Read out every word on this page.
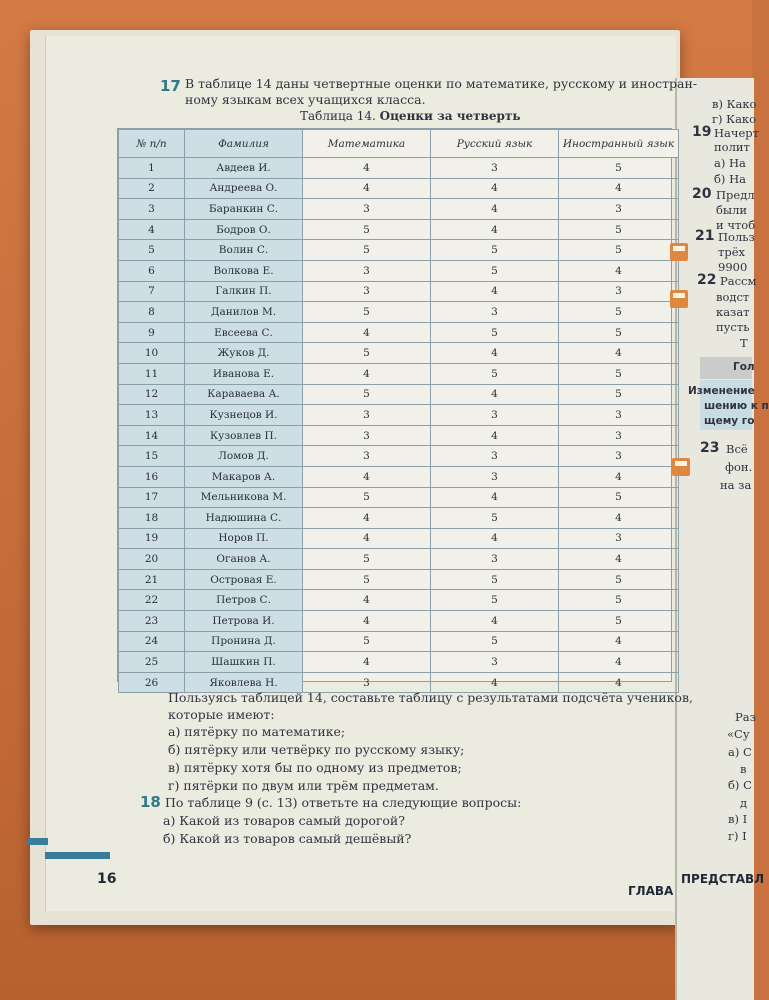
17 В таблице 14 даны четвертные оценки по математике, русскому и иностран-
ному языкам всех учащихся класса.
Таблица 14. Оценки за четверть
№ п/п	Фамилия	Математика	Русский язык	Иностранный язык
1	Авдеев И.	4	3	5
2	Андреева О.	4	4	4
3	Баранкин С.	3	4	3
4	Бодров О.	5	4	5
5	Волин С.	5	5	5
6	Волкова Е.	3	5	4
7	Галкин П.	3	4	3
8	Данилов М.	5	3	5
9	Евсеева С.	4	5	5
10	Жуков Д.	5	4	4
11	Иванова Е.	4	5	5
12	Караваева А.	5	4	5
13	Кузнецов И.	3	3	3
14	Кузовлев П.	3	4	3
15	Ломов Д.	3	3	3
16	Макаров А.	4	3	4
17	Мельникова М.	5	4	5
18	Надюшина С.	4	5	4
19	Норов П.	4	4	3
20	Оганов А.	5	3	4
21	Островая Е.	5	5	5
22	Петров С.	4	5	5
23	Петрова И.	4	4	5
24	Пронина Д.	5	5	4
25	Шашкин П.	4	3	4
26	Яковлева Н.	3	4	4
Пользуясь таблицей 14, составьте таблицу с результатами подсчёта учеников,
которые имеют:
а) пятёрку по математике;
б) пятёрку или четвёрку по русскому языку;
в) пятёрку хотя бы по одному из предметов;
г) пятёрки по двум или трём предметам.
18 По таблице 9 (с. 13) ответьте на следующие вопросы:
а) Какой из товаров самый дорогой?
б) Какой из товаров самый дешёвый?
16
ГЛАВА
ПРЕДСТАВЛ
в) Како
г) Како
19 Начерт
полит
а) На
б) На
20 Предл
были
и чтоб
21 Польз
трёх
9900
22 Рассм
водст
казат
пусть
Т
Гол
Изменение
шению к п
щему го
23 Всё
фон.
на за
Раз
«Су
а) С
в
б) С
д
в) І
г) І
